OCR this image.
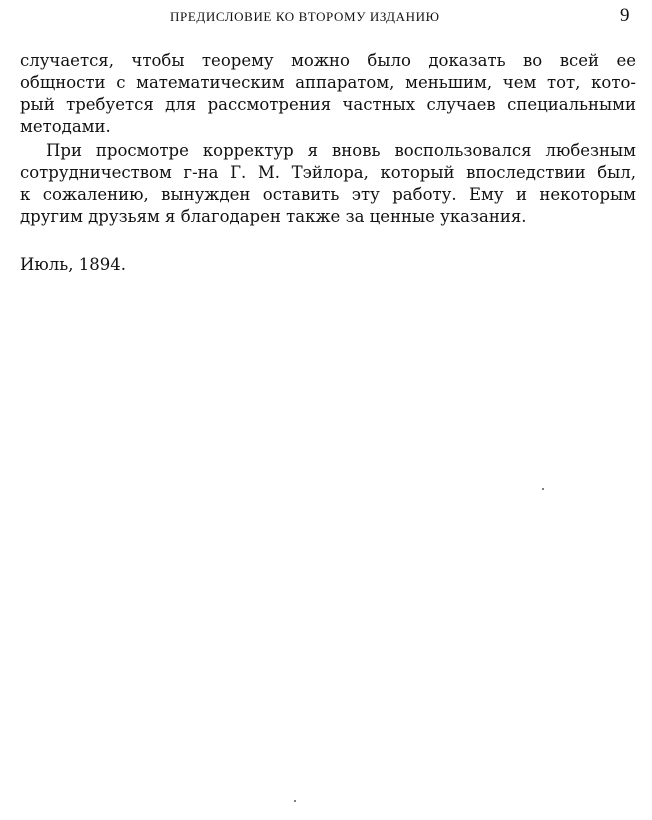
ПРЕДИСЛОВИЕ КО ВТОРОМУ ИЗДАНИЮ	9
случается, чтобы теорему можно было доказать во всей ее
общности с математическим аппаратом, меньшим, чем тот, кото-
рый требуется для рассмотрения частных случаев специальными
методами.
При просмотре корректур я вновь воспользовался любезным
сотрудничеством г-на Г. М. Тэйлора, который впоследствии был,
к сожалению, вынужден оставить эту работу. Ему и некоторым
другим друзьям я благодарен также за ценные указания.
Июль, 1894.
